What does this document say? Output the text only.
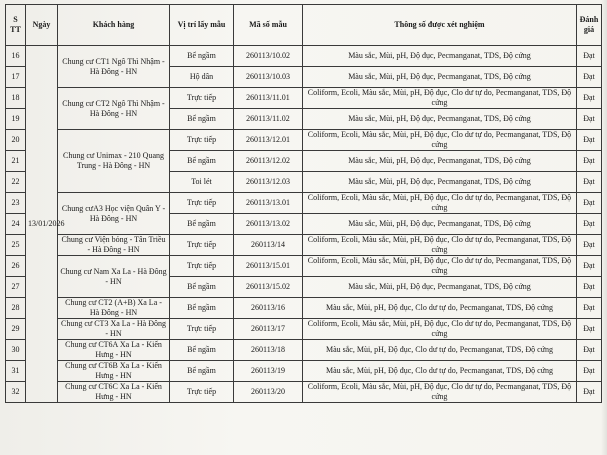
S TT	Ngày	Khách hàng	Vị trí lấy mẫu	Mã số mẫu	Thông số được xét nghiệm	Đánh giá
16	13/01/2026	Chung cư CT1 Ngô Thì Nhậm - Hà Đông - HN	Bể ngầm	260113/10.02	Màu sắc, Mùi, pH, Độ đục, Pecmanganat, TDS, Độ cứng	Đạt
17			Hộ dân	260113/10.03	Màu sắc, Mùi, pH, Độ đục, Pecmanganat, TDS, Độ cứng	Đạt
18		Chung cư CT2 Ngô Thì Nhậm - Hà Đông - HN	Trực tiếp	260113/11.01	Coliform, Ecoli, Màu sắc, Mùi, pH, Độ đục, Clo dư tự do, Pecmanganat, TDS, Độ cứng	Đạt
19			Bể ngầm	260113/11.02	Màu sắc, Mùi, pH, Độ đục, Pecmanganat, TDS, Độ cứng	Đạt
20		Chung cư Unimax - 210 Quang Trung - Hà Đông - HN	Trực tiếp	260113/12.01	Coliform, Ecoli, Màu sắc, Mùi, pH, Độ đục, Clo dư tự do, Pecmanganat, TDS, Độ cứng	Đạt
21			Bể ngầm	260113/12.02	Màu sắc, Mùi, pH, Độ đục, Pecmanganat, TDS, Độ cứng	Đạt
22			Toi lét	260113/12.03	Màu sắc, Mùi, pH, Độ đục, Pecmanganat, TDS, Độ cứng	Đạt
23		Chung cưA3 Học viện Quân Y - Hà Đông - HN	Trực tiếp	260113/13.01	Coliform, Ecoli, Màu sắc, Mùi, pH, Độ đục, Clo dư tự do, Pecmanganat, TDS, Độ cứng	Đạt
24			Bể ngầm	260113/13.02	Màu sắc, Mùi, pH, Độ đục, Pecmanganat, TDS, Độ cứng	Đạt
25		Chung cư Viện bỏng - Tân Triều - Hà Đông - HN	Trực tiếp	260113/14	Coliform, Ecoli, Màu sắc, Mùi, pH, Độ đục, Clo dư tự do, Pecmanganat, TDS, Độ cứng	Đạt
26		Chung cư Nam Xa La - Hà Đông - HN	Trực tiếp	260113/15.01	Coliform, Ecoli, Màu sắc, Mùi, pH, Độ đục, Clo dư tự do, Pecmanganat, TDS, Độ cứng	Đạt
27			Bể ngầm	260113/15.02	Màu sắc, Mùi, pH, Độ đục, Pecmanganat, TDS, Độ cứng	Đạt
28		Chung cư CT2 (A+B) Xa La - Hà Đông - HN	Bể ngầm	260113/16	Màu sắc, Mùi, pH, Độ đục, Clo dư tự do, Pecmanganat, TDS, Độ cứng	Đạt
29		Chung cư CT3 Xa La - Hà Đông - HN	Trực tiếp	260113/17	Coliform, Ecoli, Màu sắc, Mùi, pH, Độ đục, Clo dư tự do, Pecmanganat, TDS, Độ cứng	Đạt
30		Chung cư CT6A Xa La - Kiến Hưng - HN	Bể ngầm	260113/18	Màu sắc, Mùi, pH, Độ đục, Clo dư tự do, Pecmanganat, TDS, Độ cứng	Đạt
31		Chung cư CT6B Xa La - Kiến Hưng - HN	Bể ngầm	260113/19	Màu sắc, Mùi, pH, Độ đục, Clo dư tự do, Pecmanganat, TDS, Độ cứng	Đạt
32		Chung cư CT6C Xa La - Kiến Hưng - HN	Trực tiếp	260113/20	Coliform, Ecoli, Màu sắc, Mùi, pH, Độ đục, Clo dư tự do, Pecmanganat, TDS, Độ cứng	Đạt
